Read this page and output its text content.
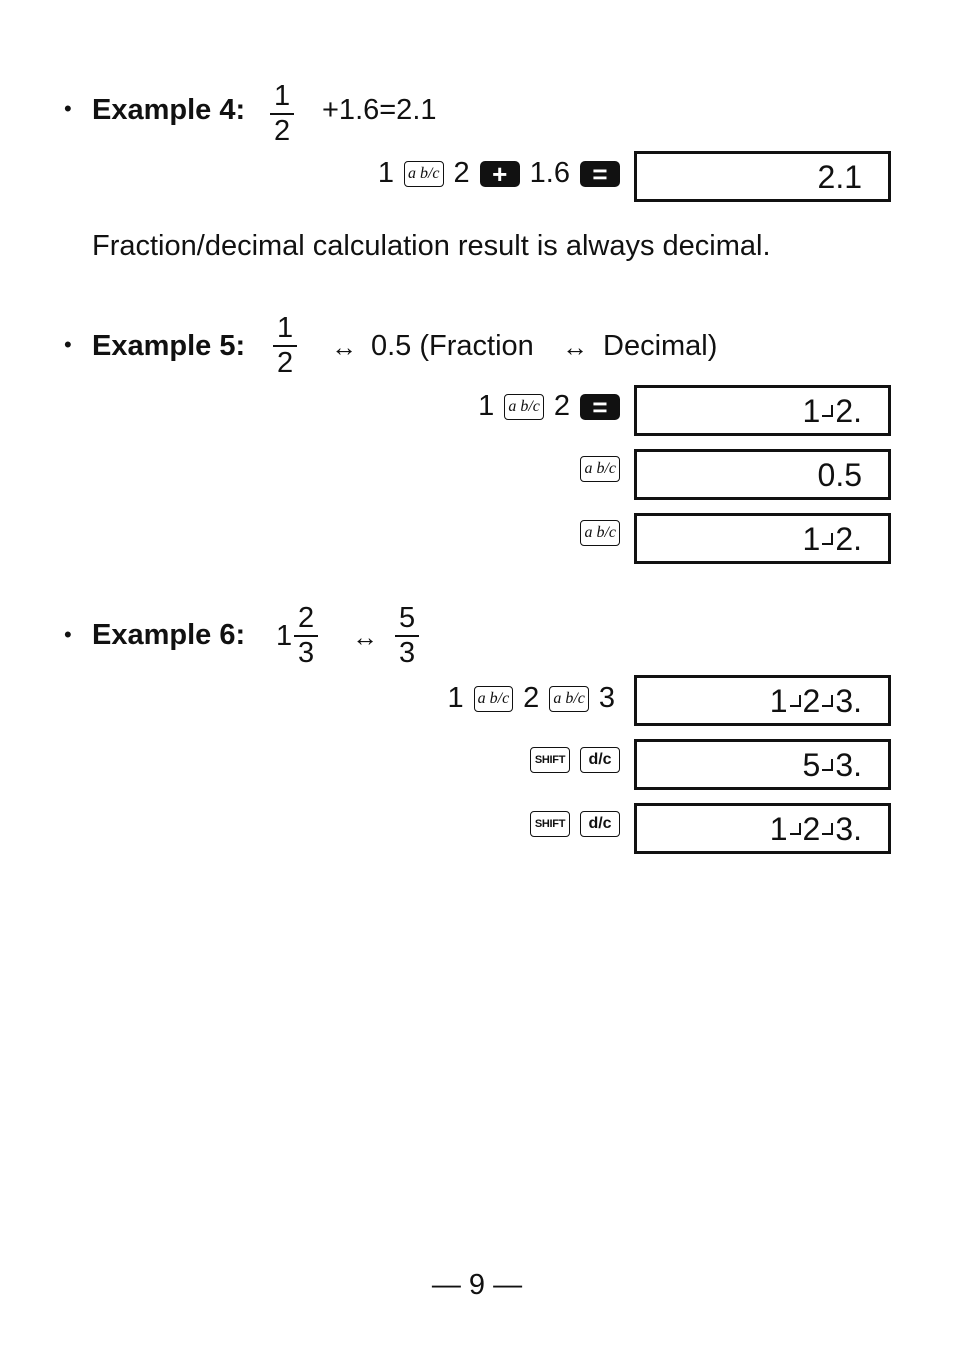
• Example 4: $\frac{1}{2} +1.6=2.1$
1 a b/c 2 + 1.6 =	2.1
Fraction/decimal calculation result is always decimal.
• Example 5: $\frac{1}{2}$ ↔ 0.5 (Fraction ↔ Decimal)
1 a b/c 2 =	1 2.
a b/c	0.5
a b/c	1 2.
• Example 6: $1 \frac{2}{3}$ ↔ $\frac{5}{3}$
1 a b/c 2 a b/c 3	1 2 3.
SHIFT	d/c	5 3.
SHIFT	d/c	1 2 3.
— 9 —
